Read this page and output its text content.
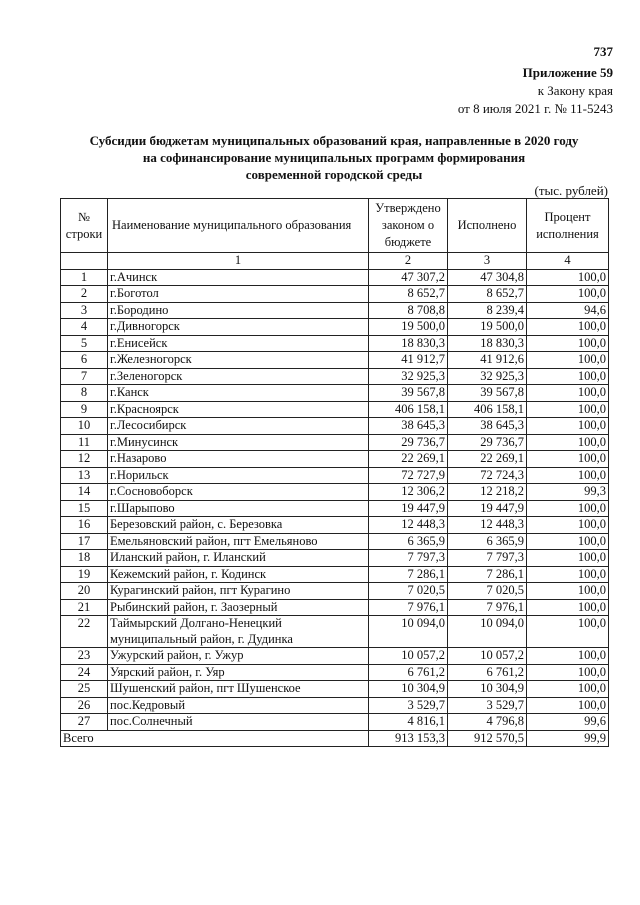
737
Приложение 59
к Закону края
от 8 июля 2021 г. № 11-5243
Субсидии бюджетам муниципальных образований края, направленные в 2020 году
на софинансирование муниципальных программ формирования
современной городской среды
(тыс. рублей)
№ строки	Наименование муниципального образования	Утверждено законом о бюджете	Исполнено	Процент исполнения
	1	2	3	4
1	г.Ачинск	47 307,2	47 304,8	100,0
2	г.Боготол	8 652,7	8 652,7	100,0
3	г.Бородино	8 708,8	8 239,4	94,6
4	г.Дивногорск	19 500,0	19 500,0	100,0
5	г.Енисейск	18 830,3	18 830,3	100,0
6	г.Железногорск	41 912,7	41 912,6	100,0
7	г.Зеленогорск	32 925,3	32 925,3	100,0
8	г.Канск	39 567,8	39 567,8	100,0
9	г.Красноярск	406 158,1	406 158,1	100,0
10	г.Лесосибирск	38 645,3	38 645,3	100,0
11	г.Минусинск	29 736,7	29 736,7	100,0
12	г.Назарово	22 269,1	22 269,1	100,0
13	г.Норильск	72 727,9	72 724,3	100,0
14	г.Сосновоборск	12 306,2	12 218,2	99,3
15	г.Шарыпово	19 447,9	19 447,9	100,0
16	Березовский район, с. Березовка	12 448,3	12 448,3	100,0
17	Емельяновский район, пгт Емельяново	6 365,9	6 365,9	100,0
18	Иланский район, г. Иланский	7 797,3	7 797,3	100,0
19	Кежемский район, г. Кодинск	7 286,1	7 286,1	100,0
20	Курагинский район, пгт Курагино	7 020,5	7 020,5	100,0
21	Рыбинский район, г. Заозерный	7 976,1	7 976,1	100,0
22	Таймырский Долгано-Ненецкий муниципальный район, г. Дудинка	10 094,0	10 094,0	100,0
23	Ужурский район, г. Ужур	10 057,2	10 057,2	100,0
24	Уярский район, г. Уяр	6 761,2	6 761,2	100,0
25	Шушенский район, пгт Шушенское	10 304,9	10 304,9	100,0
26	пос.Кедровый	3 529,7	3 529,7	100,0
27	пос.Солнечный	4 816,1	4 796,8	99,6
Всего		913 153,3	912 570,5	99,9
